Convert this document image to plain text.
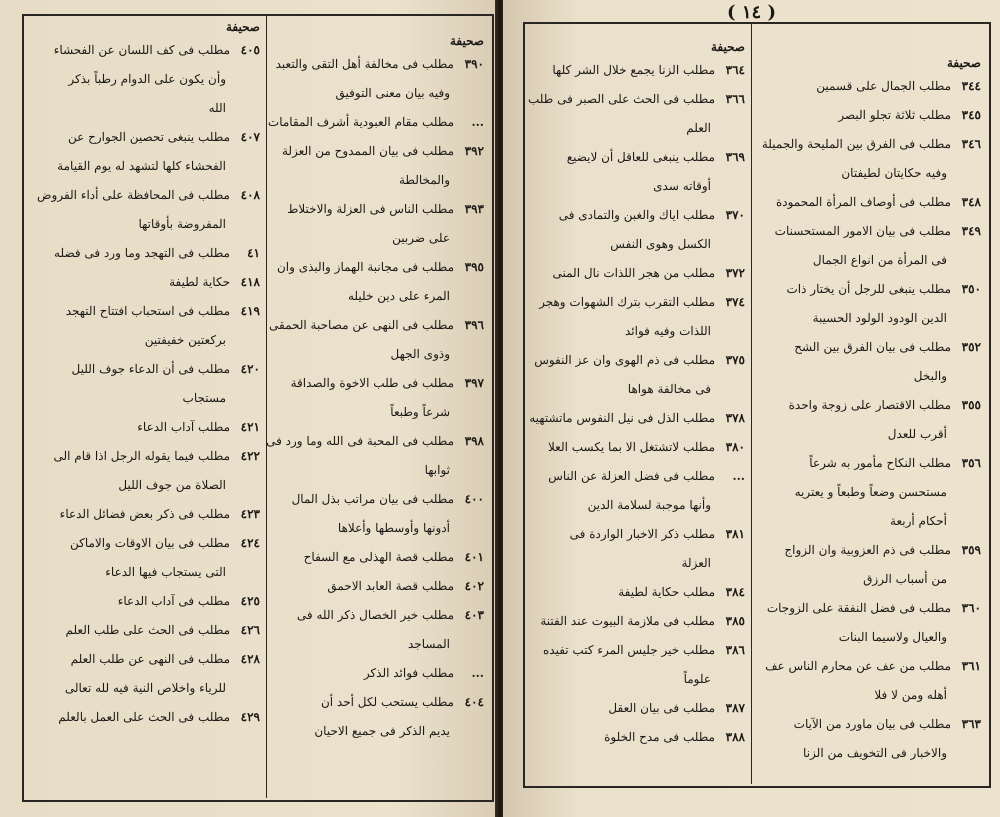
صحيفة
٤٠٥مطلب فى كف اللسان عن الفحشاء
وأن يكون على الدوام رطباً بذكر
الله
٤٠٧مطلب ينبغى تحصين الجوارح عن
الفحشاء كلها لتشهد له يوم القيامة
٤٠٨مطلب فى المحافظة على أداء الفروض
المفروضة بأوقاتها
٤١مطلب فى التهجد وما ورد فى فضله
٤١٨حكاية لطيفة
٤١٩مطلب فى استحباب افتتاح التهجد
بركعتين خفيفتين
٤٢٠مطلب فى أن الدعاء جوف الليل
مستجاب
٤٢١مطلب آداب الدعاء
٤٢٢مطلب فيما يقوله الرجل اذا قام الى
الصلاة من جوف الليل
٤٢٣مطلب فى ذكر بعض فضائل الدعاء
٤٢٤مطلب فى بيان الاوقات والاماكن
التى يستجاب فيها الدعاء
٤٢٥مطلب فى آداب الدعاء
٤٢٦مطلب فى الحث على طلب العلم
٤٢٨مطلب فى النهى عن طلب العلم
للرياء واخلاص النية فيه لله تعالى
٤٢٩مطلب فى الحث على العمل بالعلم
صحيفة
٣٩٠مطلب فى مخالفة أهل التقى والتعبد
وفيه بيان معنى التوفيق
...مطلب مقام العبودية أشرف المقامات
٣٩٢مطلب فى بيان الممدوح من العزلة
والمخالطة
٣٩٣مطلب الناس فى العزلة والاختلاط
على ضربين
٣٩٥مطلب فى مجانبة الهماز والبذى وان
المرء على دين خليله
٣٩٦مطلب فى النهى عن مصاحبة الحمقى
وذوى الجهل
٣٩٧مطلب فى طلب الاخوة والصداقة
شرعاً وطبعاً
٣٩٨مطلب فى المحبة فى الله وما ورد فى
ثوابها
٤٠٠مطلب فى بيان مراتب بذل المال
أدونها وأوسطها وأعلاها
٤٠١مطلب قصة الهذلى مع السفاح
٤٠٢مطلب قصة العابد الاحمق
٤٠٣مطلب خير الخصال ذكر الله فى
المساجد
...مطلب فوائد الذكر
٤٠٤مطلب يستحب لكل أحد أن
يديم الذكر فى جميع الاحيان
( ١٤ )
صحيفة
٣٦٤مطلب الزنا يجمع خلال الشر كلها
٣٦٦مطلب فى الحث على الصبر فى طلب
العلم
٣٦٩مطلب ينبغى للعاقل أن لايضيع
أوقاته سدى
٣٧٠مطلب اياك والغبن والتمادى فى
الكسل وهوى النفس
٣٧٢مطلب من هجر اللذات نال المنى
٣٧٤مطلب التقرب بترك الشهوات وهجر
اللذات وفيه فوائد
٣٧٥مطلب فى ذم الهوى وان عز النفوس
فى مخالفة هواها
٣٧٨مطلب الذل فى نيل النفوس ماتشتهيه
٣٨٠مطلب لاتشتغل الا بما يكسب العلا
...مطلب فى فضل العزلة عن الناس
وأنها موجبة لسلامة الدين
٣٨١مطلب ذكر الاخبار الواردة فى
العزلة
٣٨٤مطلب حكاية لطيفة
٣٨٥مطلب فى ملازمة البيوت عند الفتنة
٣٨٦مطلب خير جليس المرء كتب تفيده
علوماً
٣٨٧مطلب فى بيان العقل
٣٨٨مطلب فى مدح الخلوة
صحيفة
٣٤٤مطلب الجمال على قسمين
٣٤٥مطلب ثلاثة تجلو البصر
٣٤٦مطلب فى الفرق بين المليحة والجميلة
وفيه حكايتان لطيفتان
٣٤٨مطلب فى أوصاف المرأة المحمودة
٣٤٩مطلب فى بيان الامور المستحسنات
فى المرأة من انواع الجمال
٣٥٠مطلب ينبغى للرجل أن يختار ذات
الدين الودود الولود الحسيبة
٣٥٢مطلب فى بيان الفرق بين الشح
والبخل
٣٥٥مطلب الاقتصار على زوجة واحدة
أقرب للعدل
٣٥٦مطلب النكاح مأمور به شرعاً
مستحسن وضعاً وطبعاً و يعتريه
أحكام أربعة
٣٥٩مطلب فى ذم العزوبية وان الزواج
من أسباب الرزق
٣٦٠مطلب فى فضل النفقة على الزوجات
والعيال ولاسيما البنات
٣٦١مطلب من عف عن محارم الناس عف
أهله ومن لا فلا
٣٦٣مطلب فى بيان ماورد من الآيات
والاخبار فى التخويف من الزنا
